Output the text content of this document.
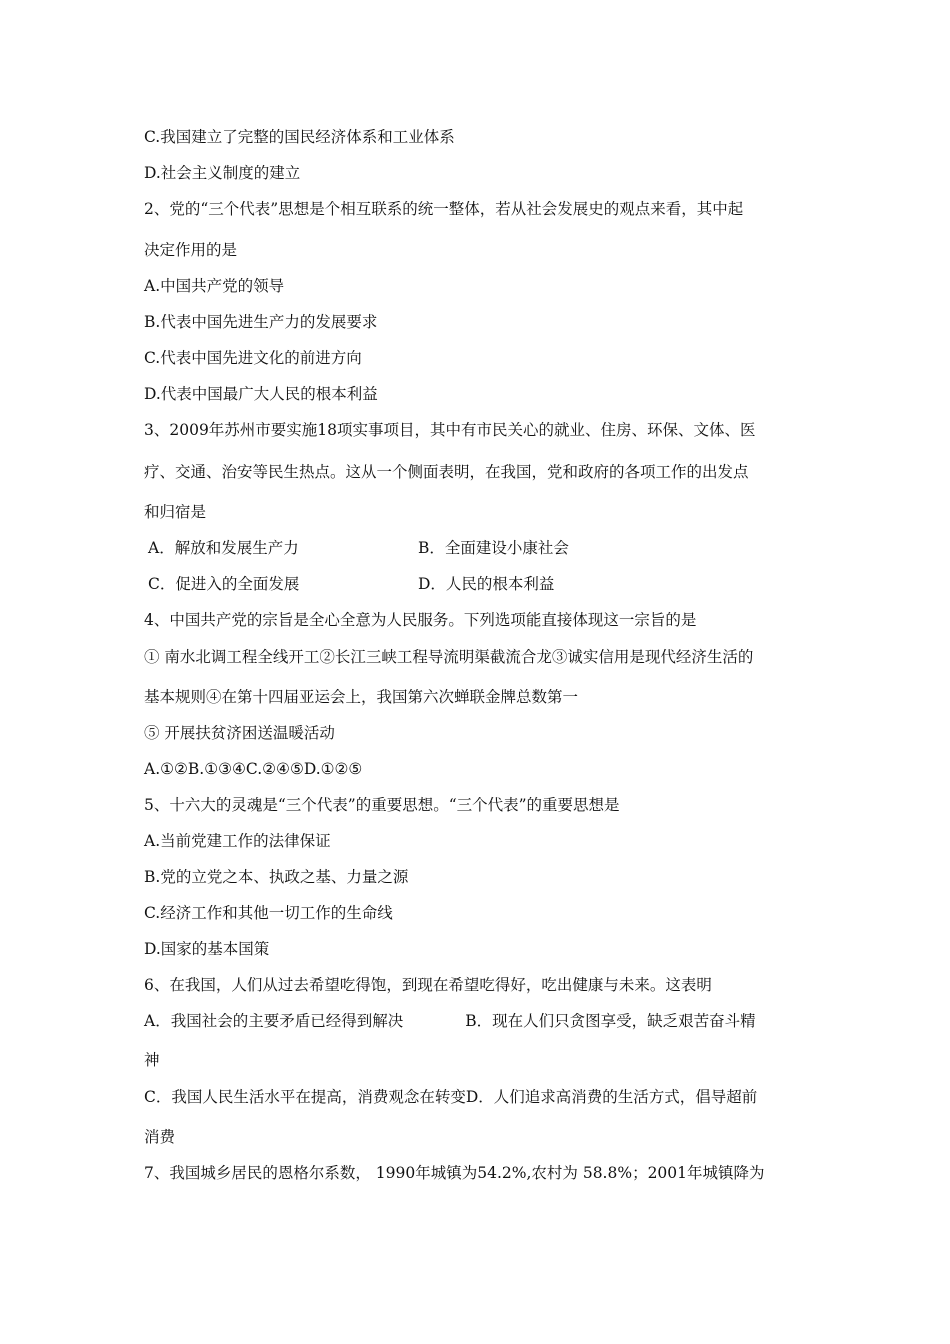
C.我国建立了完整的国民经济体系和工业体系
D.社会主义制度的建立
2、党的“三个代表”思想是个相互联系的统一整体，若从社会发展史的观点来看，其中起
决定作用的是
A.中国共产党的领导
B.代表中国先进生产力的发展要求
C.代表中国先进文化的前进方向
D.代表中国最广大人民的根本利益
3、2009年苏州市要实施18项实事项目，其中有市民关心的就业、住房、环保、文体、医
疗、交通、治安等民生热点。这从一个侧面表明，在我国，党和政府的各项工作的出发点
和归宿是
A．解放和发展生产力	B．全面建设小康社会
C．促进入的全面发展	D．人民的根本利益
4、中国共产党的宗旨是全心全意为人民服务。下列选项能直接体现这一宗旨的是
① 南水北调工程全线开工②长江三峡工程导流明渠截流合龙③诚实信用是现代经济生活的
基本规则④在第十四届亚运会上，我国第六次蝉联金牌总数第一
⑤ 开展扶贫济困送温暖活动
A.①②B.①③④C.②④⑤D.①②⑤
5、十六大的灵魂是“三个代表”的重要思想。“三个代表”的重要思想是
A.当前党建工作的法律保证
B.党的立党之本、执政之基、力量之源
C.经济工作和其他一切工作的生命线
D.国家的基本国策
6、在我国，人们从过去希望吃得饱，到现在希望吃得好，吃出健康与未来。这表明
A．我国社会的主要矛盾已经得到解决　　　　B．现在人们只贪图享受，缺乏艰苦奋斗精
神
C．我国人民生活水平在提高，消费观念在转变D．人们追求高消费的生活方式，倡导超前
消费
7、我国城乡居民的恩格尔系数， 1990年城镇为54.2%,农村为 58.8%；2001年城镇降为
